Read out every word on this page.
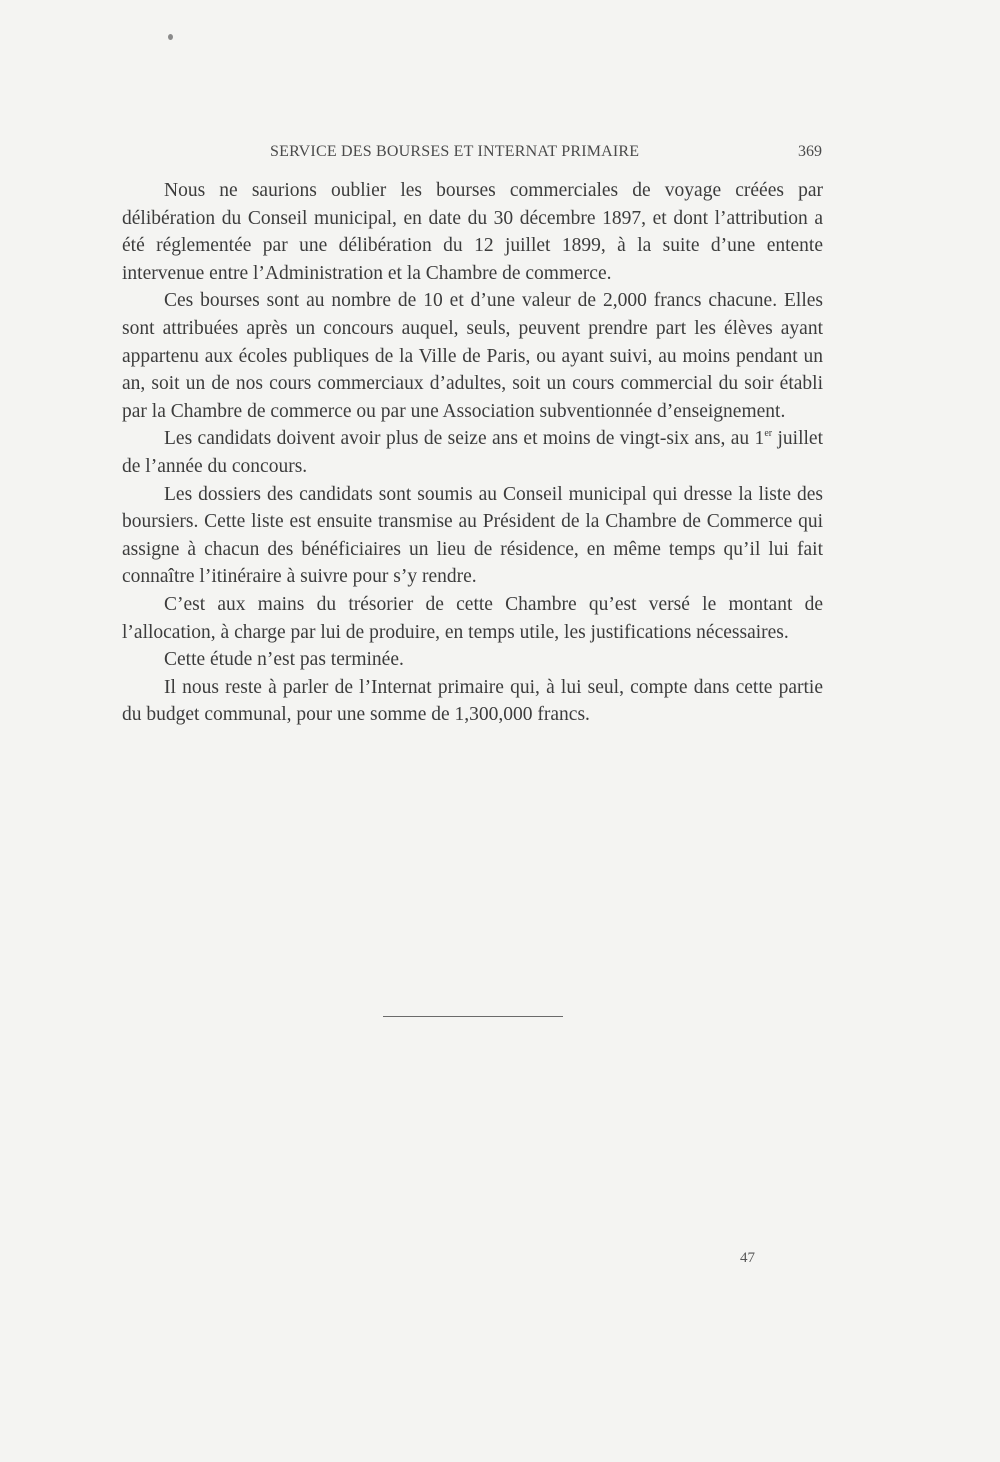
SERVICE DES BOURSES ET INTERNAT PRIMAIRE	369

Nous ne saurions oublier les bourses commerciales de voyage créées par délibération du Conseil municipal, en date du 30 décembre 1897, et dont l’attribution a été réglementée par une délibération du 12 juillet 1899, à la suite d’une entente intervenue entre l’Administration et la Chambre de commerce.

Ces bourses sont au nombre de 10 et d’une valeur de 2,000 francs chacune. Elles sont attribuées après un concours auquel, seuls, peuvent prendre part les élèves ayant appartenu aux écoles publiques de la Ville de Paris, ou ayant suivi, au moins pendant un an, soit un de nos cours commerciaux d’adultes, soit un cours commercial du soir établi par la Chambre de commerce ou par une Association subventionnée d’enseignement.

Les candidats doivent avoir plus de seize ans et moins de vingt-six ans, au 1er juillet de l’année du concours.

Les dossiers des candidats sont soumis au Conseil municipal qui dresse la liste des boursiers. Cette liste est ensuite transmise au Président de la Chambre de Commerce qui assigne à chacun des bénéficiaires un lieu de résidence, en même temps qu’il lui fait connaître l’itinéraire à suivre pour s’y rendre.

C’est aux mains du trésorier de cette Chambre qu’est versé le montant de l’allocation, à charge par lui de produire, en temps utile, les justifications nécessaires.

Cette étude n’est pas terminée.

Il nous reste à parler de l’Internat primaire qui, à lui seul, compte dans cette partie du budget communal, pour une somme de 1,300,000 francs.

47
